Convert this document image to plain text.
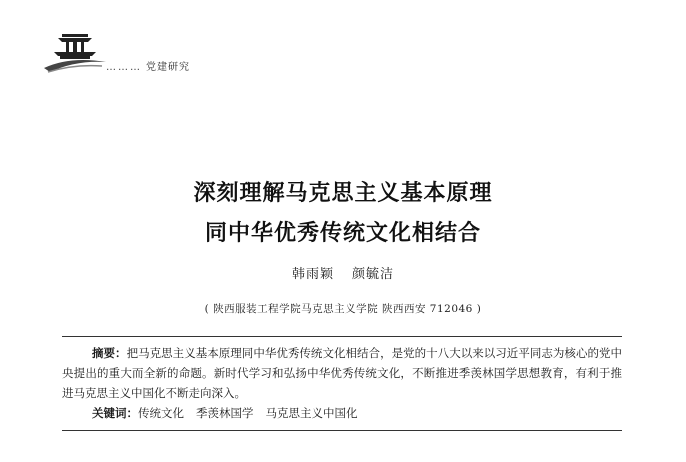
……… 党建研究
深刻理解马克思主义基本原理
同中华优秀传统文化相结合
韩雨颖 颜毓洁
( 陕西服装工程学院马克思主义学院 陕西西安 712046 )

摘要：把马克思主义基本原理同中华优秀传统文化相结合，是党的十八大以来以习近平同志为核心的党中央提出的重大而全新的命题。新时代学习和弘扬中华优秀传统文化，不断推进季羡林国学思想教育，有利于推进马克思主义中国化不断走向深入。

关键词：传统文化 季羡林国学 马克思主义中国化
